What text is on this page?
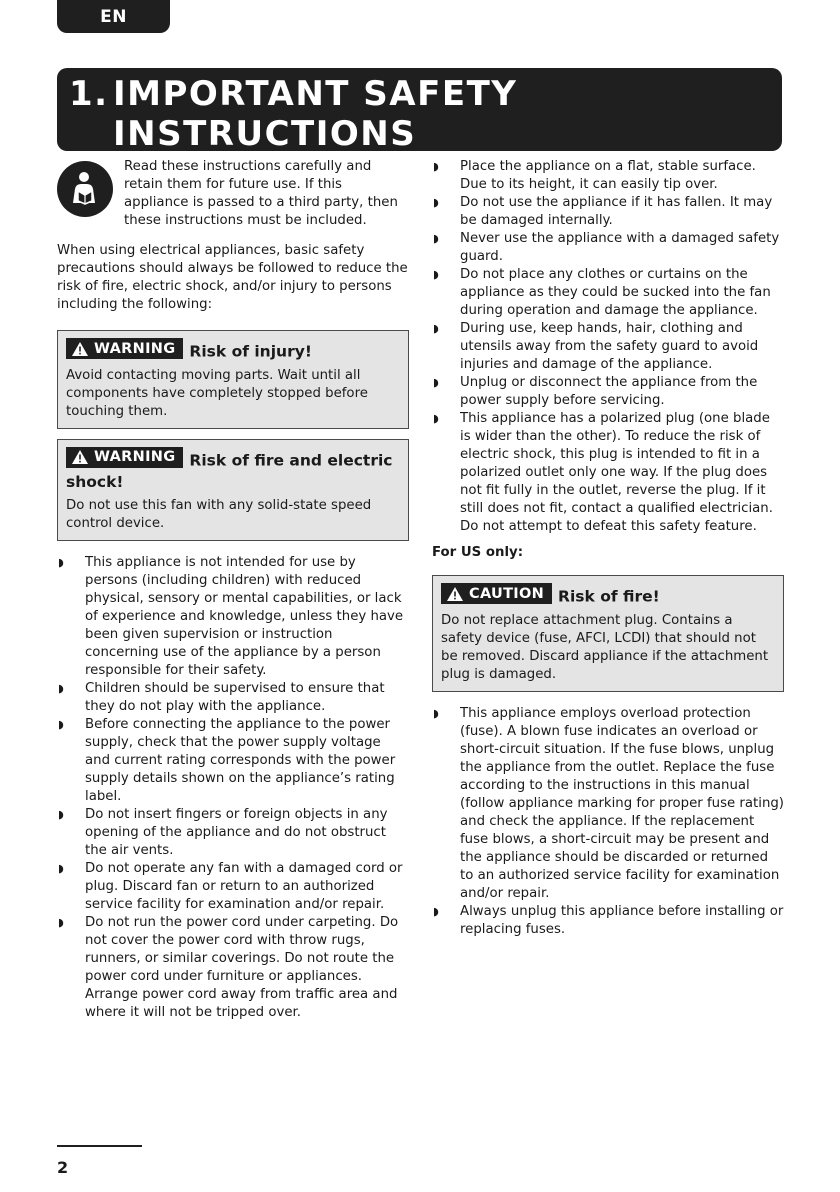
EN
1. IMPORTANT SAFETY
INSTRUCTIONS
Read these instructions carefully and retain them for future use. If this appliance is passed to a third party, then these instructions must be included.
When using electrical appliances, basic safety precautions should always be followed to reduce the risk of fire, electric shock, and/or injury to persons including the following:
WARNING Risk of injury!
Avoid contacting moving parts. Wait until all components have completely stopped before touching them.
WARNING Risk of fire and electric shock!
Do not use this fan with any solid-state speed control device.
◗ This appliance is not intended for use by persons (including children) with reduced physical, sensory or mental capabilities, or lack of experience and knowledge, unless they have been given supervision or instruction concerning use of the appliance by a person responsible for their safety.
◗ Children should be supervised to ensure that they do not play with the appliance.
◗ Before connecting the appliance to the power supply, check that the power supply voltage and current rating corresponds with the power supply details shown on the appliance’s rating label.
◗ Do not insert fingers or foreign objects in any opening of the appliance and do not obstruct the air vents.
◗ Do not operate any fan with a damaged cord or plug. Discard fan or return to an authorized service facility for examination and/or repair.
◗ Do not run the power cord under carpeting. Do not cover the power cord with throw rugs, runners, or similar coverings. Do not route the power cord under furniture or appliances. Arrange power cord away from traffic area and where it will not be tripped over.
◗ Place the appliance on a flat, stable surface. Due to its height, it can easily tip over.
◗ Do not use the appliance if it has fallen. It may be damaged internally.
◗ Never use the appliance with a damaged safety guard.
◗ Do not place any clothes or curtains on the appliance as they could be sucked into the fan during operation and damage the appliance.
◗ During use, keep hands, hair, clothing and utensils away from the safety guard to avoid injuries and damage of the appliance.
◗ Unplug or disconnect the appliance from the power supply before servicing.
◗ This appliance has a polarized plug (one blade is wider than the other). To reduce the risk of electric shock, this plug is intended to fit in a polarized outlet only one way. If the plug does not fit fully in the outlet, reverse the plug. If it still does not fit, contact a qualified electrician. Do not attempt to defeat this safety feature.
For US only:
CAUTION Risk of fire!
Do not replace attachment plug. Contains a safety device (fuse, AFCI, LCDI) that should not be removed. Discard appliance if the attachment plug is damaged.
◗ This appliance employs overload protection (fuse). A blown fuse indicates an overload or short-circuit situation. If the fuse blows, unplug the appliance from the outlet. Replace the fuse according to the instructions in this manual (follow appliance marking for proper fuse rating) and check the appliance. If the replacement fuse blows, a short-circuit may be present and the appliance should be discarded or returned to an authorized service facility for examination and/or repair.
◗ Always unplug this appliance before installing or replacing fuses.
2
